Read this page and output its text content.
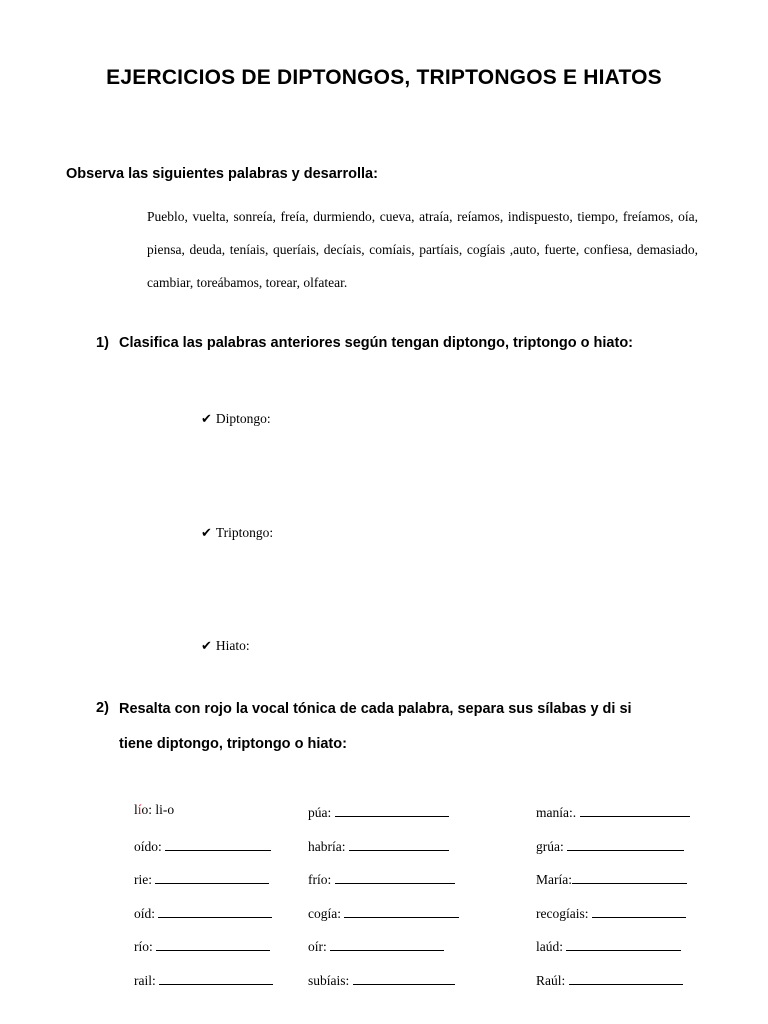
EJERCICIOS DE DIPTONGOS, TRIPTONGOS E HIATOS
Observa las siguientes palabras y desarrolla:
Pueblo, vuelta, sonreía, freía, durmiendo, cueva, atraía, reíamos, indispuesto, tiempo, freíamos, oía, piensa, deuda, teníais, queríais, decíais, comíais, partíais, cogíais ,auto, fuerte, confiesa, demasiado, cambiar, toreábamos, torear, olfatear.
1) Clasifica las palabras anteriores según tengan diptongo, triptongo o hiato:
✔ Diptongo:
✔ Triptongo:
✔ Hiato:
2) Resalta con rojo la vocal tónica de cada palabra, separa sus sílabas y di si
tiene diptongo, triptongo o hiato:
lío: li-o
oído:
rie:
oíd:
río:
rail:
púa:
habría:
frío:
cogía:
oír:
subíais:
manía:.
grúa:
María:
recogíais:
laúd:
Raúl:
